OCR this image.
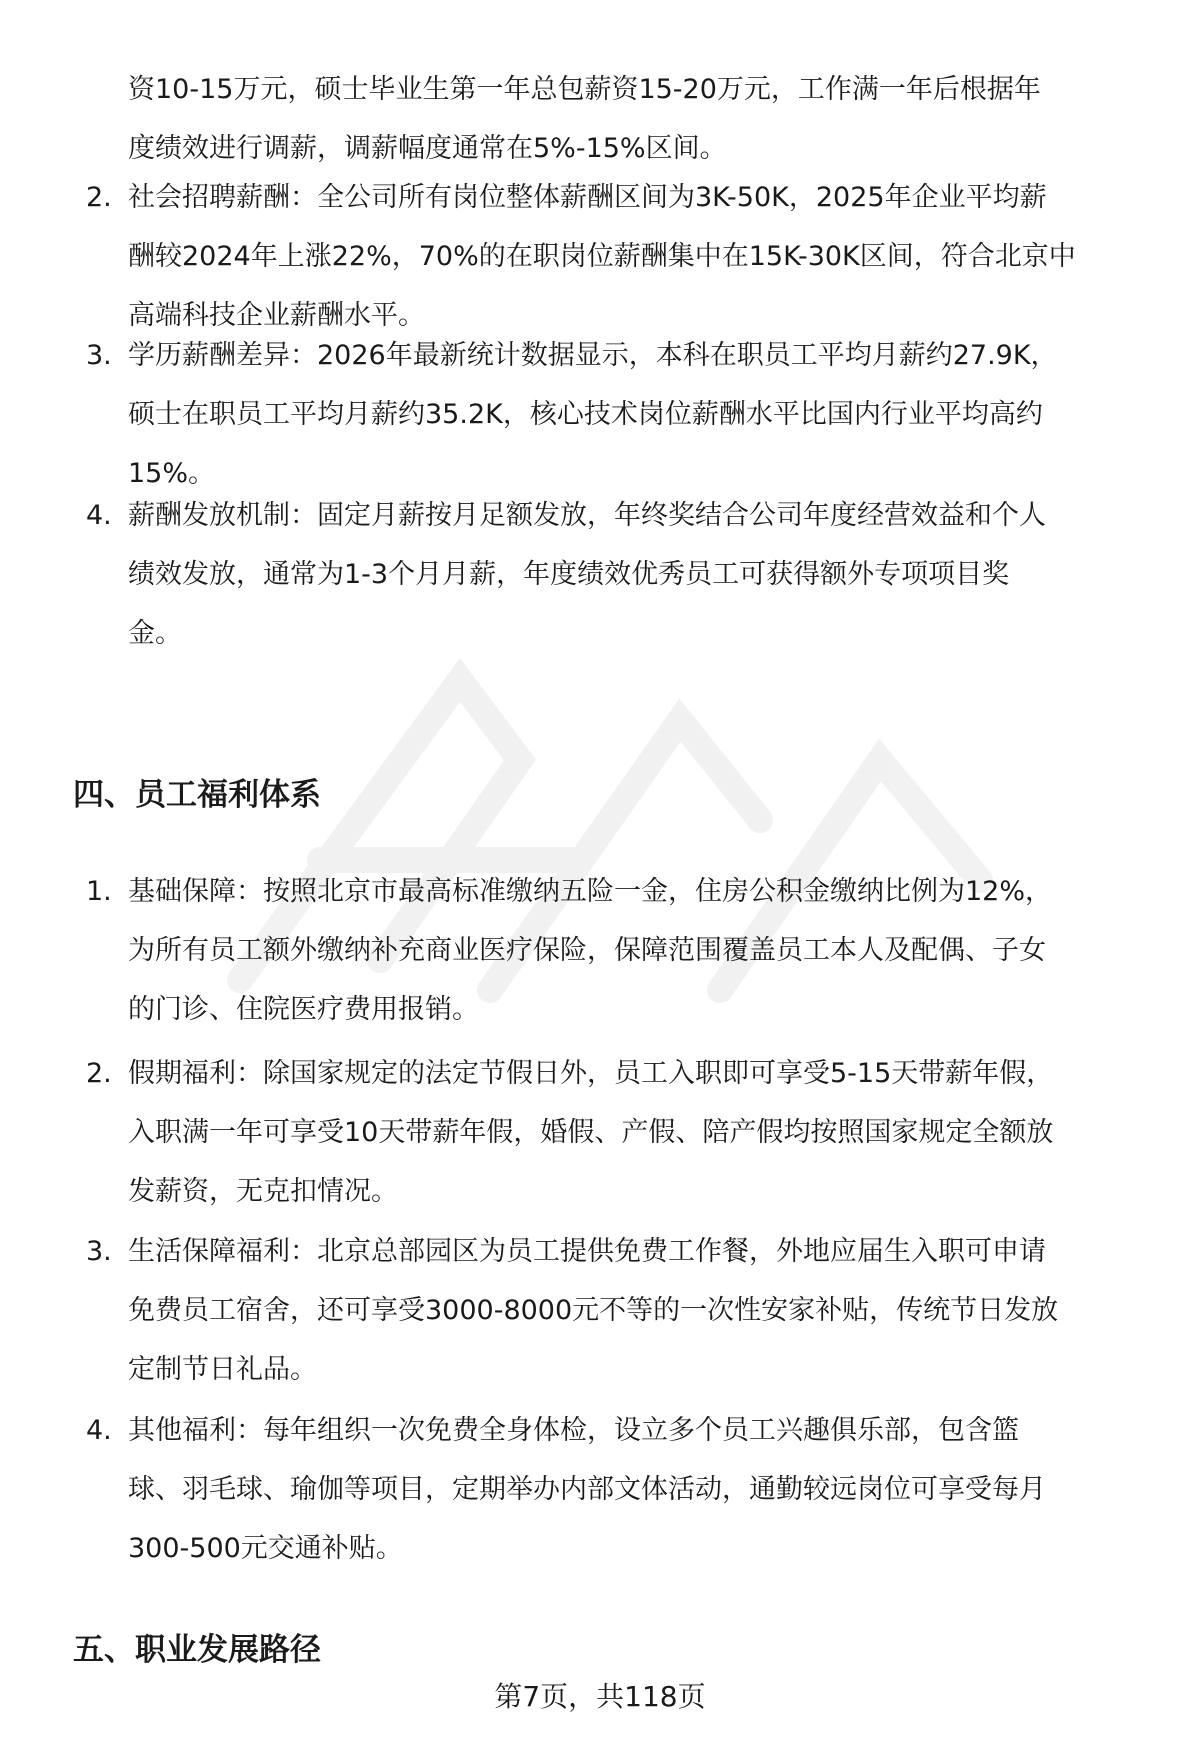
资10-15万元，硕士毕业生第一年总包薪资15-20万元，工作满一年后根据年
度绩效进行调薪，调薪幅度通常在5%-15%区间。
2. 社会招聘薪酬：全公司所有岗位整体薪酬区间为3K-50K，2025年企业平均薪
酬较2024年上涨22%，70%的在职岗位薪酬集中在15K-30K区间，符合北京中
高端科技企业薪酬水平。
3. 学历薪酬差异：2026年最新统计数据显示，本科在职员工平均月薪约27.9K，
硕士在职员工平均月薪约35.2K，核心技术岗位薪酬水平比国内行业平均高约
15%。
4. 薪酬发放机制：固定月薪按月足额发放，年终奖结合公司年度经营效益和个人
绩效发放，通常为1-3个月月薪，年度绩效优秀员工可获得额外专项项目奖
金。
四、员工福利体系
1. 基础保障：按照北京市最高标准缴纳五险一金，住房公积金缴纳比例为12%，
为所有员工额外缴纳补充商业医疗保险，保障范围覆盖员工本人及配偶、子女
的门诊、住院医疗费用报销。
2. 假期福利：除国家规定的法定节假日外，员工入职即可享受5-15天带薪年假，
入职满一年可享受10天带薪年假，婚假、产假、陪产假均按照国家规定全额放
发薪资，无克扣情况。
3. 生活保障福利：北京总部园区为员工提供免费工作餐，外地应届生入职可申请
免费员工宿舍，还可享受3000-8000元不等的一次性安家补贴，传统节日发放
定制节日礼品。
4. 其他福利：每年组织一次免费全身体检，设立多个员工兴趣俱乐部，包含篮
球、羽毛球、瑜伽等项目，定期举办内部文体活动，通勤较远岗位可享受每月
300-500元交通补贴。
五、职业发展路径
第7页，共118页
